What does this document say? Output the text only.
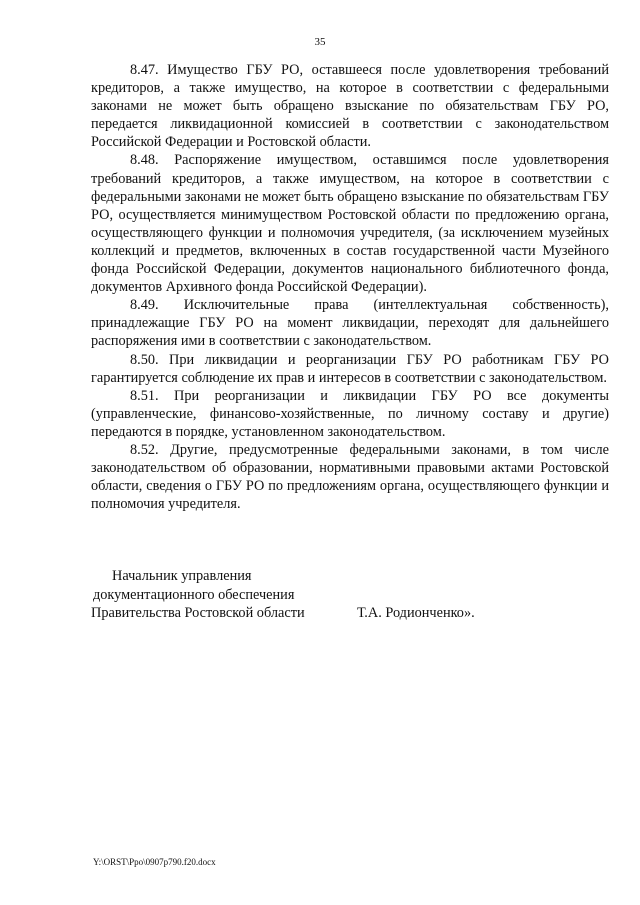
35

8.47. Имущество ГБУ РО, оставшееся после удовлетворения требований кредиторов, а также имущество, на которое в соответствии с федеральными законами не может быть обращено взыскание по обязательствам ГБУ РО, передается ликвидационной комиссией в соответствии с законодательством Российской Федерации и Ростовской области.

8.48. Распоряжение имуществом, оставшимся после удовлетворения требований кредиторов, а также имуществом, на которое в соответствии с федеральными законами не может быть обращено взыскание по обязательствам ГБУ РО, осуществляется минимуществом Ростовской области по предложению органа, осуществляющего функции и полномочия учредителя, (за исключением музейных коллекций и предметов, включенных в состав государственной части Музейного фонда Российской Федерации, документов национального библиотечного фонда, документов Архивного фонда Российской Федерации).

8.49. Исключительные права (интеллектуальная собственность), принадлежащие ГБУ РО на момент ликвидации, переходят для дальнейшего распоряжения ими в соответствии с законодательством.

8.50. При ликвидации и реорганизации ГБУ РО работникам ГБУ РО гарантируется соблюдение их прав и интересов в соответствии с законодательством.

8.51. При реорганизации и ликвидации ГБУ РО все документы (управленческие, финансово-хозяйственные, по личному составу и другие) передаются в порядке, установленном законодательством.

8.52. Другие, предусмотренные федеральными законами, в том числе законодательством об образовании, нормативными правовыми актами Ростовской области, сведения о ГБУ РО по предложениям органа, осуществляющего функции и полномочия учредителя.

Начальник управления
документационного обеспечения
Правительства Ростовской области	Т.А. Родионченко».
Y:\ORST\Ppo\0907p790.f20.docx
